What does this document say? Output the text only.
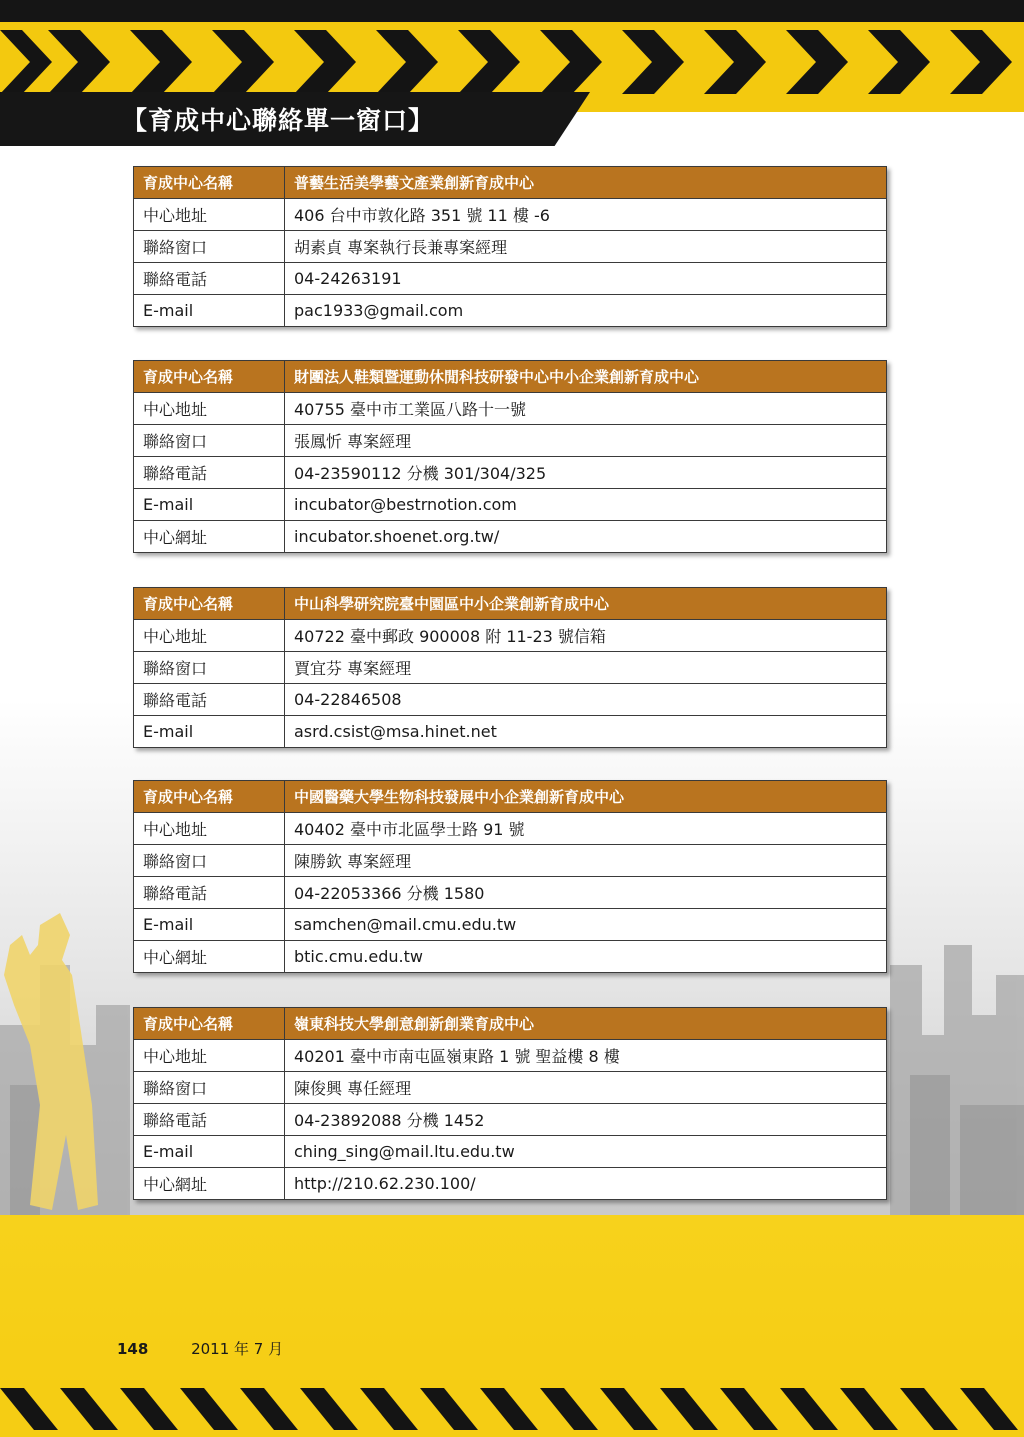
【育成中心聯絡單一窗口】
育成中心名稱	普藝生活美學藝文產業創新育成中心
中心地址	406 台中市敦化路 351 號 11 樓 -6
聯絡窗口	胡素貞 專案執行長兼專案經理
聯絡電話	04-24263191
E-mail	pac1933@gmail.com
育成中心名稱	財團法人鞋類暨運動休閒科技研發中心中小企業創新育成中心
中心地址	40755 臺中市工業區八路十一號
聯絡窗口	張鳳忻 專案經理
聯絡電話	04-23590112 分機 301/304/325
E-mail	incubator@bestrnotion.com
中心網址	incubator.shoenet.org.tw/
育成中心名稱	中山科學研究院臺中園區中小企業創新育成中心
中心地址	40722 臺中郵政 900008 附 11-23 號信箱
聯絡窗口	賈宜芬 專案經理
聯絡電話	04-22846508
E-mail	asrd.csist@msa.hinet.net
育成中心名稱	中國醫藥大學生物科技發展中小企業創新育成中心
中心地址	40402 臺中市北區學士路 91 號
聯絡窗口	陳勝欽 專案經理
聯絡電話	04-22053366 分機 1580
E-mail	samchen@mail.cmu.edu.tw
中心網址	btic.cmu.edu.tw
育成中心名稱	嶺東科技大學創意創新創業育成中心
中心地址	40201 臺中市南屯區嶺東路 1 號 聖益樓 8 樓
聯絡窗口	陳俊興 專任經理
聯絡電話	04-23892088 分機 1452
E-mail	ching_sing@mail.ltu.edu.tw
中心網址	http://210.62.230.100/
148	2011 年 7 月
